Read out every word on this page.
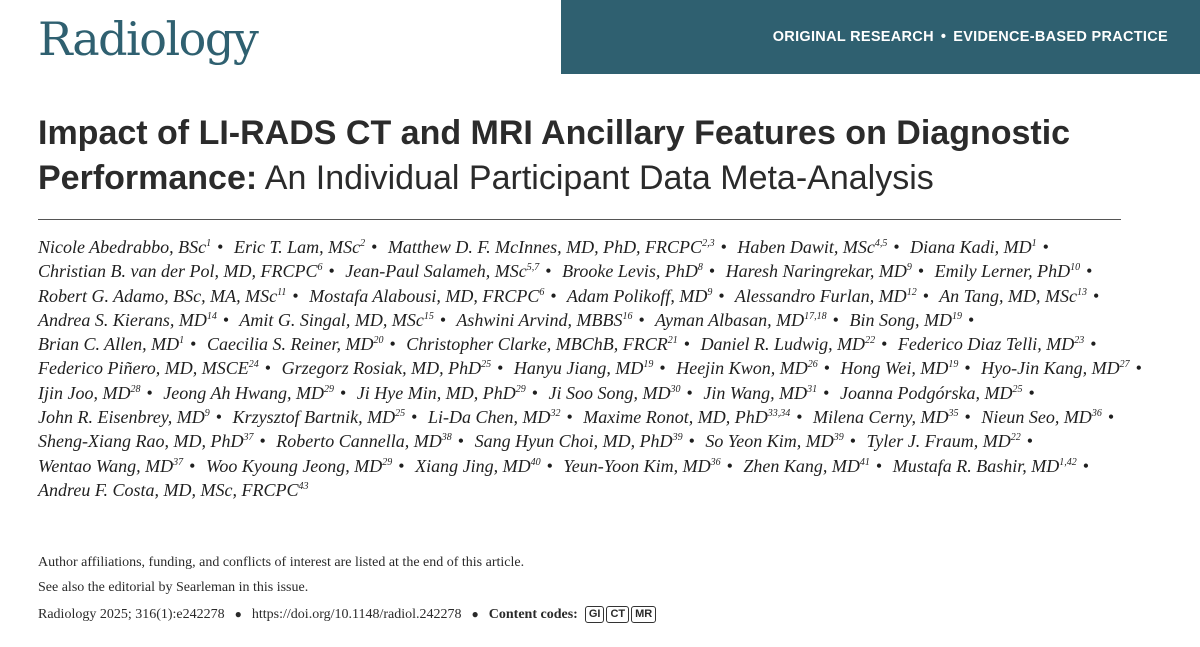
Radiology	ORIGINAL RESEARCH • EVIDENCE-BASED PRACTICE
Impact of LI-RADS CT and MRI Ancillary Features on Diagnostic Performance: An Individual Participant Data Meta-Analysis
Nicole Abedrabbo, BSc$^1$ • Eric T. Lam, MSc$^2$ • Matthew D. F. McInnes, MD, PhD, FRCPC$^{2,3}$ • Haben Dawit, MSc$^{4,5}$ • Diana Kadi, $MD^1$ • Christian B. van der Pol, MD, FRCPC$^6$ • Jean-Paul Salameh, MSc$^{5,7}$ • Brooke Levis, PhD$^8$ • Haresh Naringrekar, $MD^9$ • Emily Lerner, PhD$^{10}$ • Robert G. Adamo, BSc, MA, MSc$^{11}$ • Mostafa Alabousi, MD, FRCPC$^6$ • Adam Polikoff, $MD^9$ • Alessandro Furlan, MD$^{12}$ • An Tang, MD, MSc$^{13}$ • Andrea S. Kierans, MD$^{14}$ • Amit G. Singal, MD, MSc$^{15}$ • Ashwini Arvind, MBBS$^{16}$ • Ayman Albasan, MD$^{17,18}$ • Bin Song, MD$^{19}$ • Brian C. Allen, $MD^1$ • Caecilia S. Reiner, MD$^{20}$ • Christopher Clarke, MBChB, FRCR$^{21}$ • Daniel R. Ludwig, MD$^{22}$ • Federico Diaz Telli, MD$^{23}$ • Federico Piñero, MD, MSCE$^{24}$ • Grzegorz Rosiak, MD, PhD$^{25}$ • Hanyu Jiang, MD$^{19}$ • Heejin Kwon, MD$^{26}$ • Hong Wei, MD$^{19}$ • Hyo-Jin Kang, MD$^{27}$ • Ijin Joo, MD$^{28}$ • Jeong Ah Hwang, MD$^{29}$ • Ji Hye Min, MD, PhD$^{29}$ • Ji Soo Song, MD$^{30}$ • Jin Wang, MD$^{31}$ • Joanna Podgórska, MD$^{25}$ • John R. Eisenbrey, $MD^9$ • Krzysztof Bartnik, MD$^{25}$ • Li-Da Chen, MD$^{32}$ • Maxime Ronot, MD, PhD$^{33,34}$ • Milena Cerny, MD$^{35}$ • Nieun Seo, MD$^{36}$ • Sheng-Xiang Rao, MD, PhD$^{37}$ • Roberto Cannella, MD$^{38}$ • Sang Hyun Choi, MD, PhD$^{39}$ • So Yeon Kim, MD$^{39}$ • Tyler J. Fraum, MD$^{22}$ • Wentao Wang, MD$^{37}$ • Woo Kyoung Jeong, MD$^{29}$ • Xiang Jing, MD$^{40}$ • Yeun-Yoon Kim, MD$^{36}$ • Zhen Kang, MD$^{41}$ • Mustafa R. Bashir, MD$^{1,42}$ • Andreu F. Costa, MD, MSc, FRCPC$^{43}$
Author affiliations, funding, and conflicts of interest are listed at the end of this article.
See also the editorial by Searleman in this issue.
Radiology 2025; 316(1):e242278 ● https://doi.org/10.1148/radiol.242278 ● Content codes:	GI CT MR
